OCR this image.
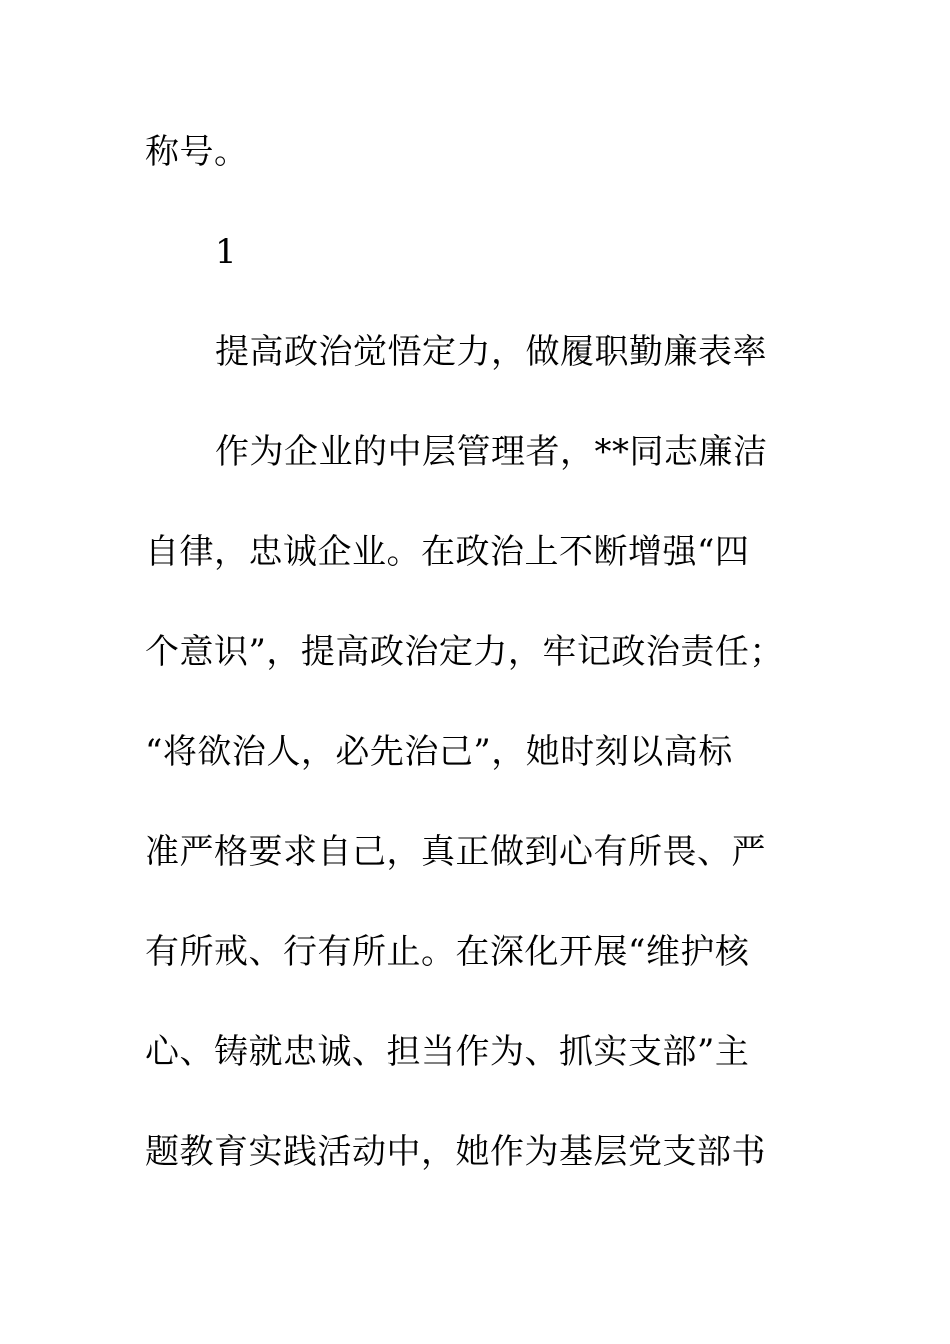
称号。
1
提高政治觉悟定力，做履职勤廉表率
作为企业的中层管理者，**同志廉洁
自律，忠诚企业。在政治上不断增强“四
个意识”，提高政治定力，牢记政治责任；
“将欲治人，必先治己”，她时刻以高标
准严格要求自己，真正做到心有所畏、严
有所戒、行有所止。在深化开展“维护核
心、铸就忠诚、担当作为、抓实支部”主
题教育实践活动中，她作为基层党支部书
